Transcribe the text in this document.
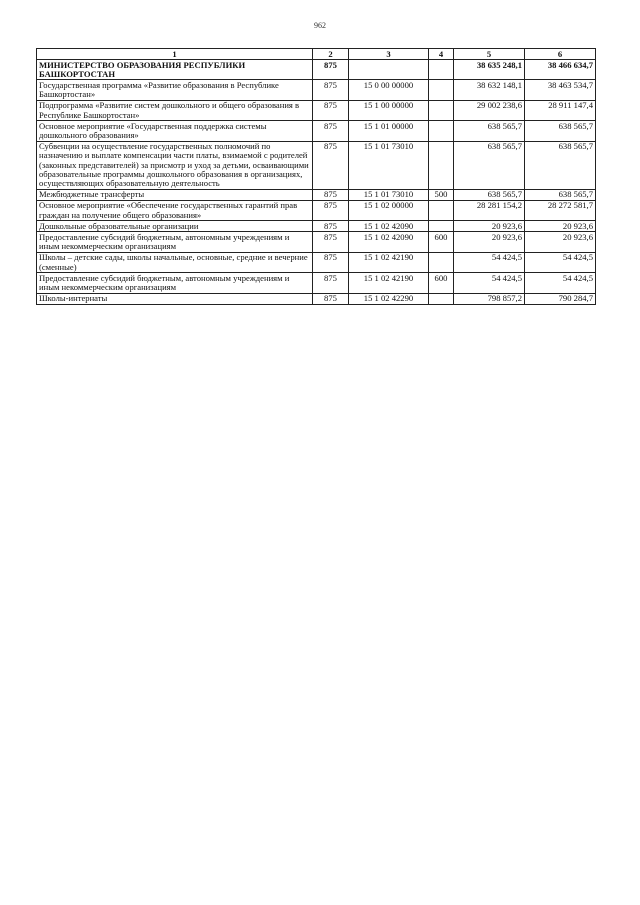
962
1	2	3	4	5	6
МИНИСТЕРСТВО ОБРАЗОВАНИЯ РЕСПУБЛИКИ БАШКОРТОСТАН	875			38 635 248,1	38 466 634,7
Государственная программа «Развитие образования в Республике Башкортостан»	875	15 0 00 00000		38 632 148,1	38 463 534,7
Подпрограмма «Развитие систем дошкольного и общего образования в Республике Башкортостан»	875	15 1 00 00000		29 002 238,6	28 911 147,4
Основное мероприятие «Государственная поддержка системы дошкольного образования»	875	15 1 01 00000		638 565,7	638 565,7
Субвенции на осуществление государственных полномочий по назначению и выплате компенсации части платы, взимаемой с родителей (законных представителей) за присмотр и уход за детьми, осваивающими образовательные программы дошкольного образования в организациях, осуществляющих образовательную деятельность	875	15 1 01 73010		638 565,7	638 565,7
Межбюджетные трансферты	875	15 1 01 73010	500	638 565,7	638 565,7
Основное мероприятие «Обеспечение государственных гарантий прав граждан на получение общего образования»	875	15 1 02 00000		28 281 154,2	28 272 581,7
Дошкольные образовательные организации	875	15 1 02 42090		20 923,6	20 923,6
Предоставление субсидий бюджетным, автономным учреждениям и иным некоммерческим организациям	875	15 1 02 42090	600	20 923,6	20 923,6
Школы – детские сады, школы начальные, основные, средние и вечерние (сменные)	875	15 1 02 42190		54 424,5	54 424,5
Предоставление субсидий бюджетным, автономным учреждениям и иным некоммерческим организациям	875	15 1 02 42190	600	54 424,5	54 424,5
Школы-интернаты	875	15 1 02 42290		798 857,2	790 284,7
